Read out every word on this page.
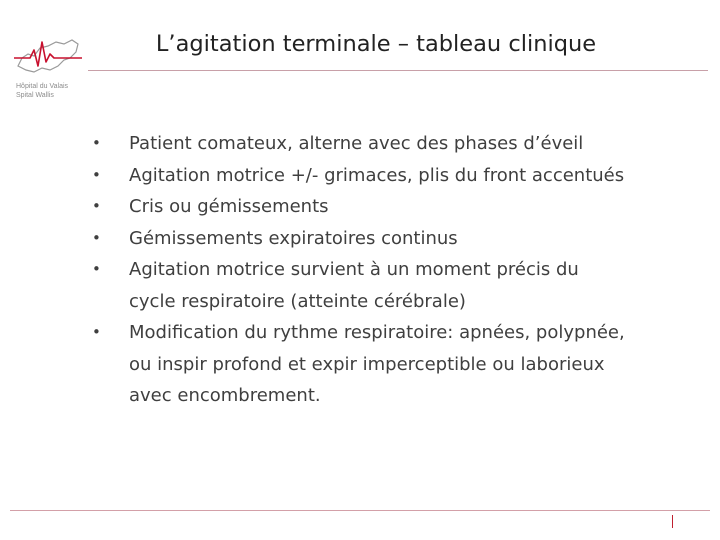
Hôpital du Valais
Spital Wallis
L’agitation terminale – tableau clinique
• Patient comateux, alterne avec des phases d’éveil
• Agitation motrice +/- grimaces, plis du front accentués
• Cris ou gémissements
• Gémissements expiratoires continus
• Agitation motrice survient à un moment précis du cycle respiratoire (atteinte cérébrale)
• Modification du rythme respiratoire: apnées, polypnée, ou inspir profond et expir imperceptible ou laborieux avec encombrement.
